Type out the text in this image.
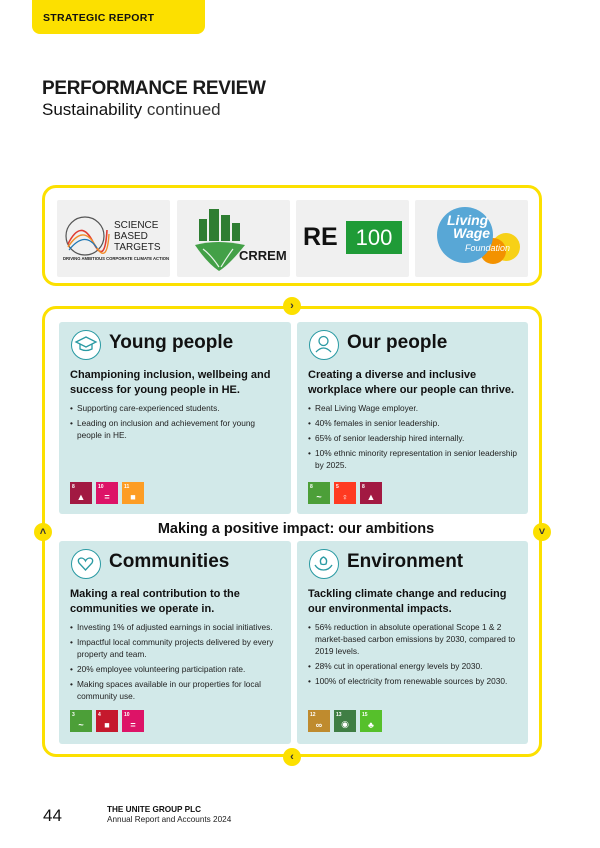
STRATEGIC REPORT
PERFORMANCE REVIEW
Sustainability continued
SCIENCE
BASED
TARGETS
DRIVING AMBITIOUS CORPORATE CLIMATE ACTION	CRREM
RE 100
Living
Wage
Foundation
›
˄	˅
‹
Young people
Championing inclusion, wellbeing and success for young people in HE.
• Supporting care-experienced students.
• Leading on inclusion and achievement for young people in HE.
8
▲
10
=
11
■
Our people
Creating a diverse and inclusive workplace where our people can thrive.
• Real Living Wage employer.
• 40% females in senior leadership.
• 65% of senior leadership hired internally.
• 10% ethnic minority representation in senior leadership by 2025.
8
~
5
♀
8
▲
Making a positive impact: our ambitions
Communities
Making a real contribution to the communities we operate in.
• Investing 1% of adjusted earnings in social initiatives.
• Impactful local community projects delivered by every property and team.
• 20% employee volunteering participation rate.
• Making spaces available in our properties for local community use.
3
~
4
■
10
=
Environment
Tackling climate change and reducing our environmental impacts.
• 56% reduction in absolute operational Scope 1 & 2 market-based carbon emissions by 2030, compared to 2019 levels.
• 28% cut in operational energy levels by 2030.
• 100% of electricity from renewable sources by 2030.
12
∞
13
◉
15
♣
44	THE UNITE GROUP PLC
Annual Report and Accounts 2024
